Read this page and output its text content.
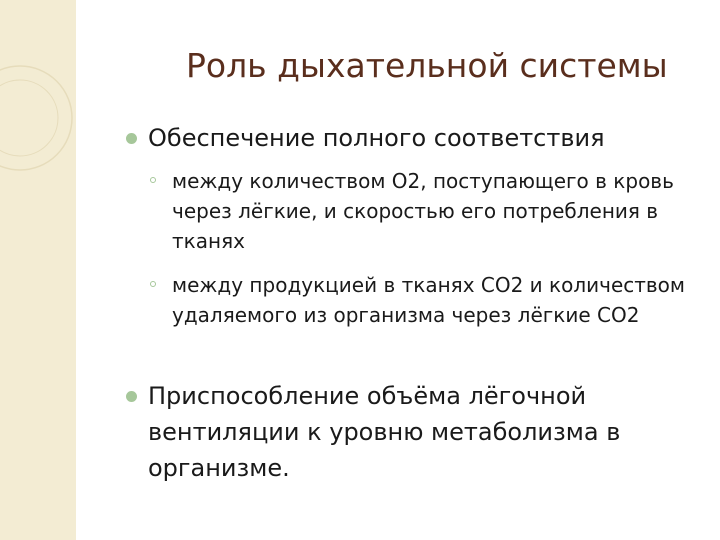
Роль дыхательной системы
Обеспечение полного соответствия
между количеством О2, поступающего в кровь через лёгкие, и скоростью его потребления в тканях
между продукцией в тканях СО2 и количеством удаляемого из организма через лёгкие СО2
Приспособление объёма лёгочной вентиляции к уровню метаболизма в организме.
